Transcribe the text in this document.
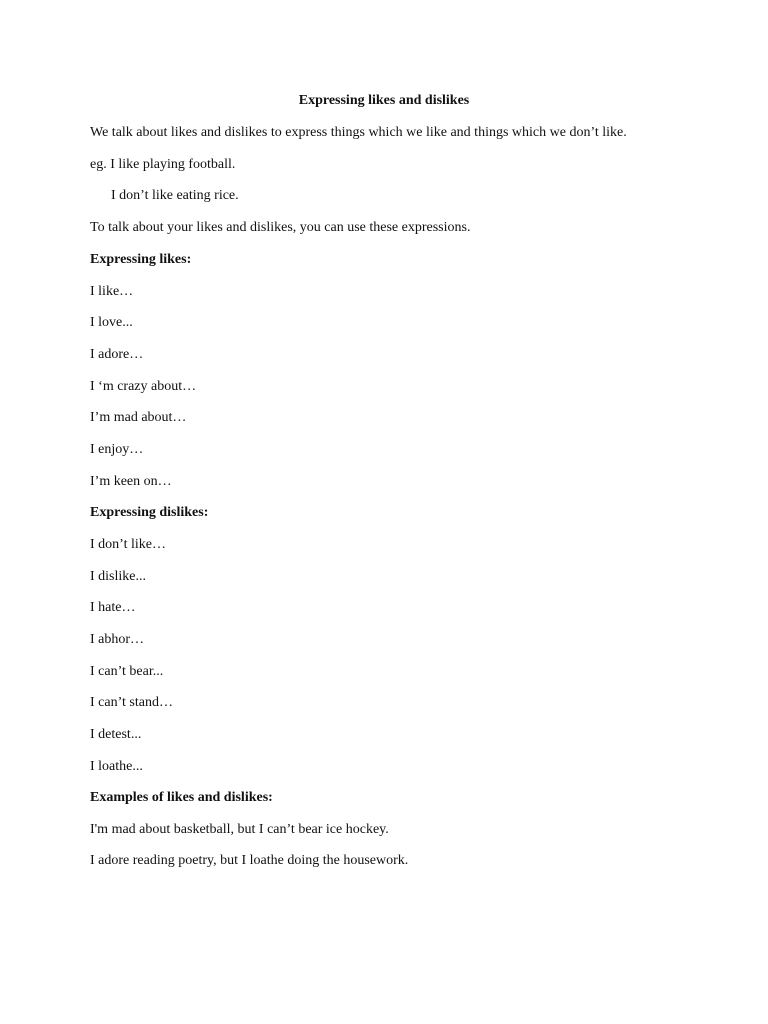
Expressing likes and dislikes
We talk about likes and dislikes to express things which we like and things which we don’t like.
eg. I like playing football.
I don’t like eating rice.
To talk about your likes and dislikes, you can use these expressions.
Expressing likes:
I like…
I love...
I adore…
I ‘m crazy about…
I’m mad about…
I enjoy…
I’m keen on…
Expressing dislikes:
I don’t like…
I dislike...
I hate…
I abhor…
I can’t bear...
I can’t stand…
I detest...
I loathe...
Examples of likes and dislikes:
I'm mad about basketball, but I can’t bear ice hockey.
I adore reading poetry, but I loathe doing the housework.
